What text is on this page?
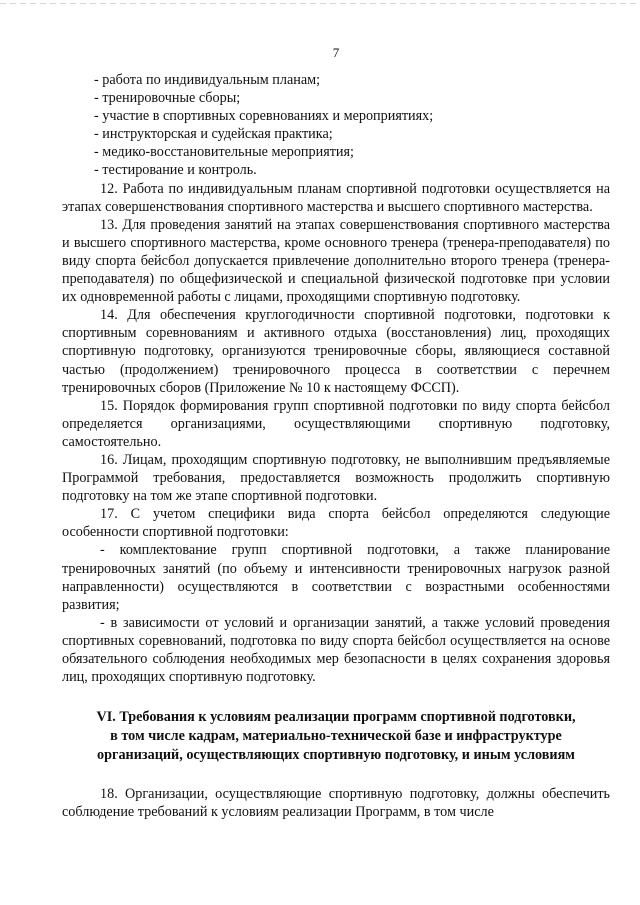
7

- работа по индивидуальным планам;

- тренировочные сборы;

- участие в спортивных соревнованиях и мероприятиях;

- инструкторская и судейская практика;

- медико-восстановительные мероприятия;

- тестирование и контроль.

12. Работа по индивидуальным планам спортивной подготовки осуществляется на этапах совершенствования спортивного мастерства и высшего спортивного мастерства.

13. Для проведения занятий на этапах совершенствования спортивного мастерства и высшего спортивного мастерства, кроме основного тренера (тренера-преподавателя) по виду спорта бейсбол допускается привлечение дополнительно второго тренера (тренера-преподавателя) по общефизической и специальной физической подготовке при условии их одновременной работы с лицами, проходящими спортивную подготовку.

14. Для обеспечения круглогодичности спортивной подготовки, подготовки к спортивным соревнованиям и активного отдыха (восстановления) лиц, проходящих спортивную подготовку, организуются тренировочные сборы, являющиеся составной частью (продолжением) тренировочного процесса в соответствии с перечнем тренировочных сборов (Приложение № 10 к настоящему ФССП).

15. Порядок формирования групп спортивной подготовки по виду спорта бейсбол определяется организациями, осуществляющими спортивную подготовку, самостоятельно.

16. Лицам, проходящим спортивную подготовку, не выполнившим предъявляемые Программой требования, предоставляется возможность продолжить спортивную подготовку на том же этапе спортивной подготовки.

17. С учетом специфики вида спорта бейсбол определяются следующие особенности спортивной подготовки:

- комплектование групп спортивной подготовки, а также планирование тренировочных занятий (по объему и интенсивности тренировочных нагрузок разной направленности) осуществляются в соответствии с возрастными особенностями развития;

- в зависимости от условий и организации занятий, а также условий проведения спортивных соревнований, подготовка по виду спорта бейсбол осуществляется на основе обязательного соблюдения необходимых мер безопасности в целях сохранения здоровья лиц, проходящих спортивную подготовку.

VI. Требования к условиям реализации программ спортивной подготовки,
в том числе кадрам, материально-технической базе и инфраструктуре
организаций, осуществляющих спортивную подготовку, и иным условиям

18. Организации, осуществляющие спортивную подготовку, должны обеспечить соблюдение требований к условиям реализации Программ, в том числе
